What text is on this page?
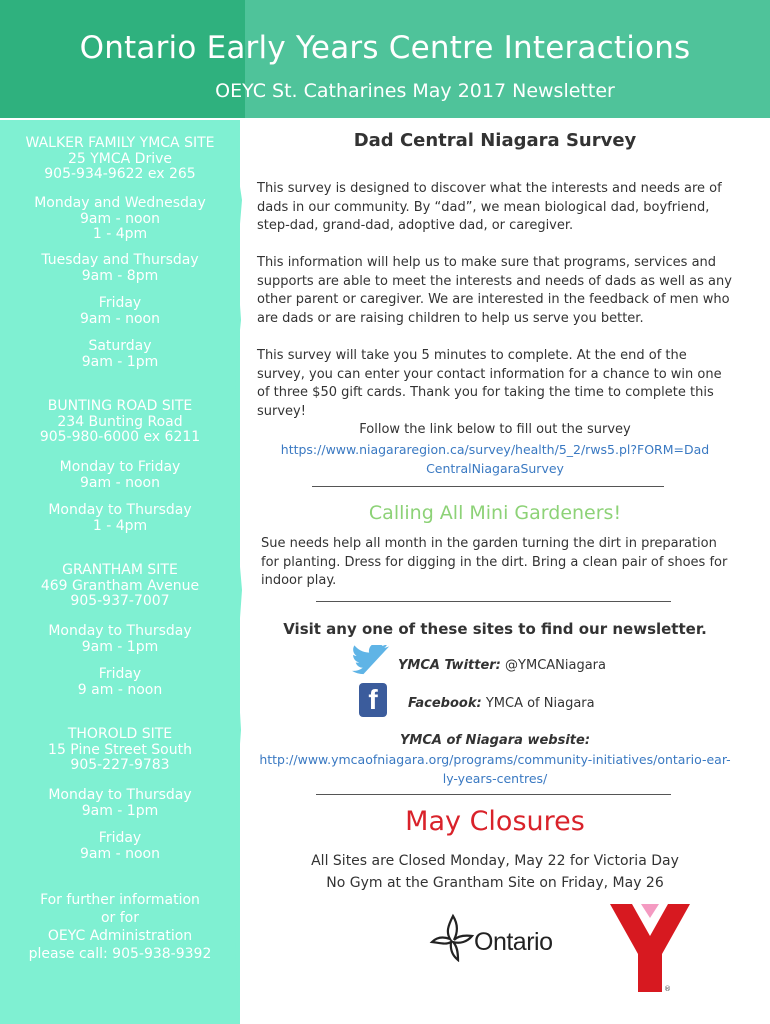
Ontario Early Years Centre Interactions
OEYC St. Catharines May 2017 Newsletter
WALKER FAMILY YMCA SITE
25 YMCA Drive
905-934-9622 ex 265
Monday and Wednesday
9am - noon
1 - 4pm
Tuesday and Thursday
9am - 8pm
Friday
9am - noon
Saturday
9am - 1pm
BUNTING ROAD SITE
234 Bunting Road
905-980-6000 ex 6211
Monday to Friday
9am - noon
Monday to Thursday
1 - 4pm
GRANTHAM SITE
469 Grantham Avenue
905-937-7007
Monday to Thursday
9am - 1pm
Friday
9 am - noon
THOROLD SITE
15 Pine Street South
905-227-9783
Monday to Thursday
9am - 1pm
Friday
9am - noon
For further information
or for
OEYC Administration
please call: 905-938-9392
Dad Central Niagara Survey
This survey is designed to discover what the interests and needs are of dads in our community. By “dad”, we mean biological dad, boyfriend, step-dad, grand-dad, adoptive dad, or caregiver.
This information will help us to make sure that programs, services and supports are able to meet the interests and needs of dads as well as any other parent or caregiver. We are interested in the feedback of men who are dads or are raising children to help us serve you better.
This survey will take you 5 minutes to complete. At the end of the survey, you can enter your contact information for a chance to win one of three $50 gift cards. Thank you for taking the time to complete this survey!
Follow the link below to fill out the survey
https://www.niagararegion.ca/survey/health/5_2/rws5.pl?FORM=Dad
CentralNiagaraSurvey
Calling All Mini Gardeners!
Sue needs help all month in the garden turning the dirt in preparation for planting. Dress for digging in the dirt. Bring a clean pair of shoes for indoor play.
Visit any one of these sites to find our newsletter.
YMCA Twitter: @YMCANiagara
f	Facebook: YMCA of Niagara
YMCA of Niagara website:
http://www.ymcaofniagara.org/programs/community-initiatives/ontario-ear-
ly-years-centres/
May Closures
All Sites are Closed Monday, May 22 for Victoria Day
No Gym at the Grantham Site on Friday, May 26
Ontario
®
